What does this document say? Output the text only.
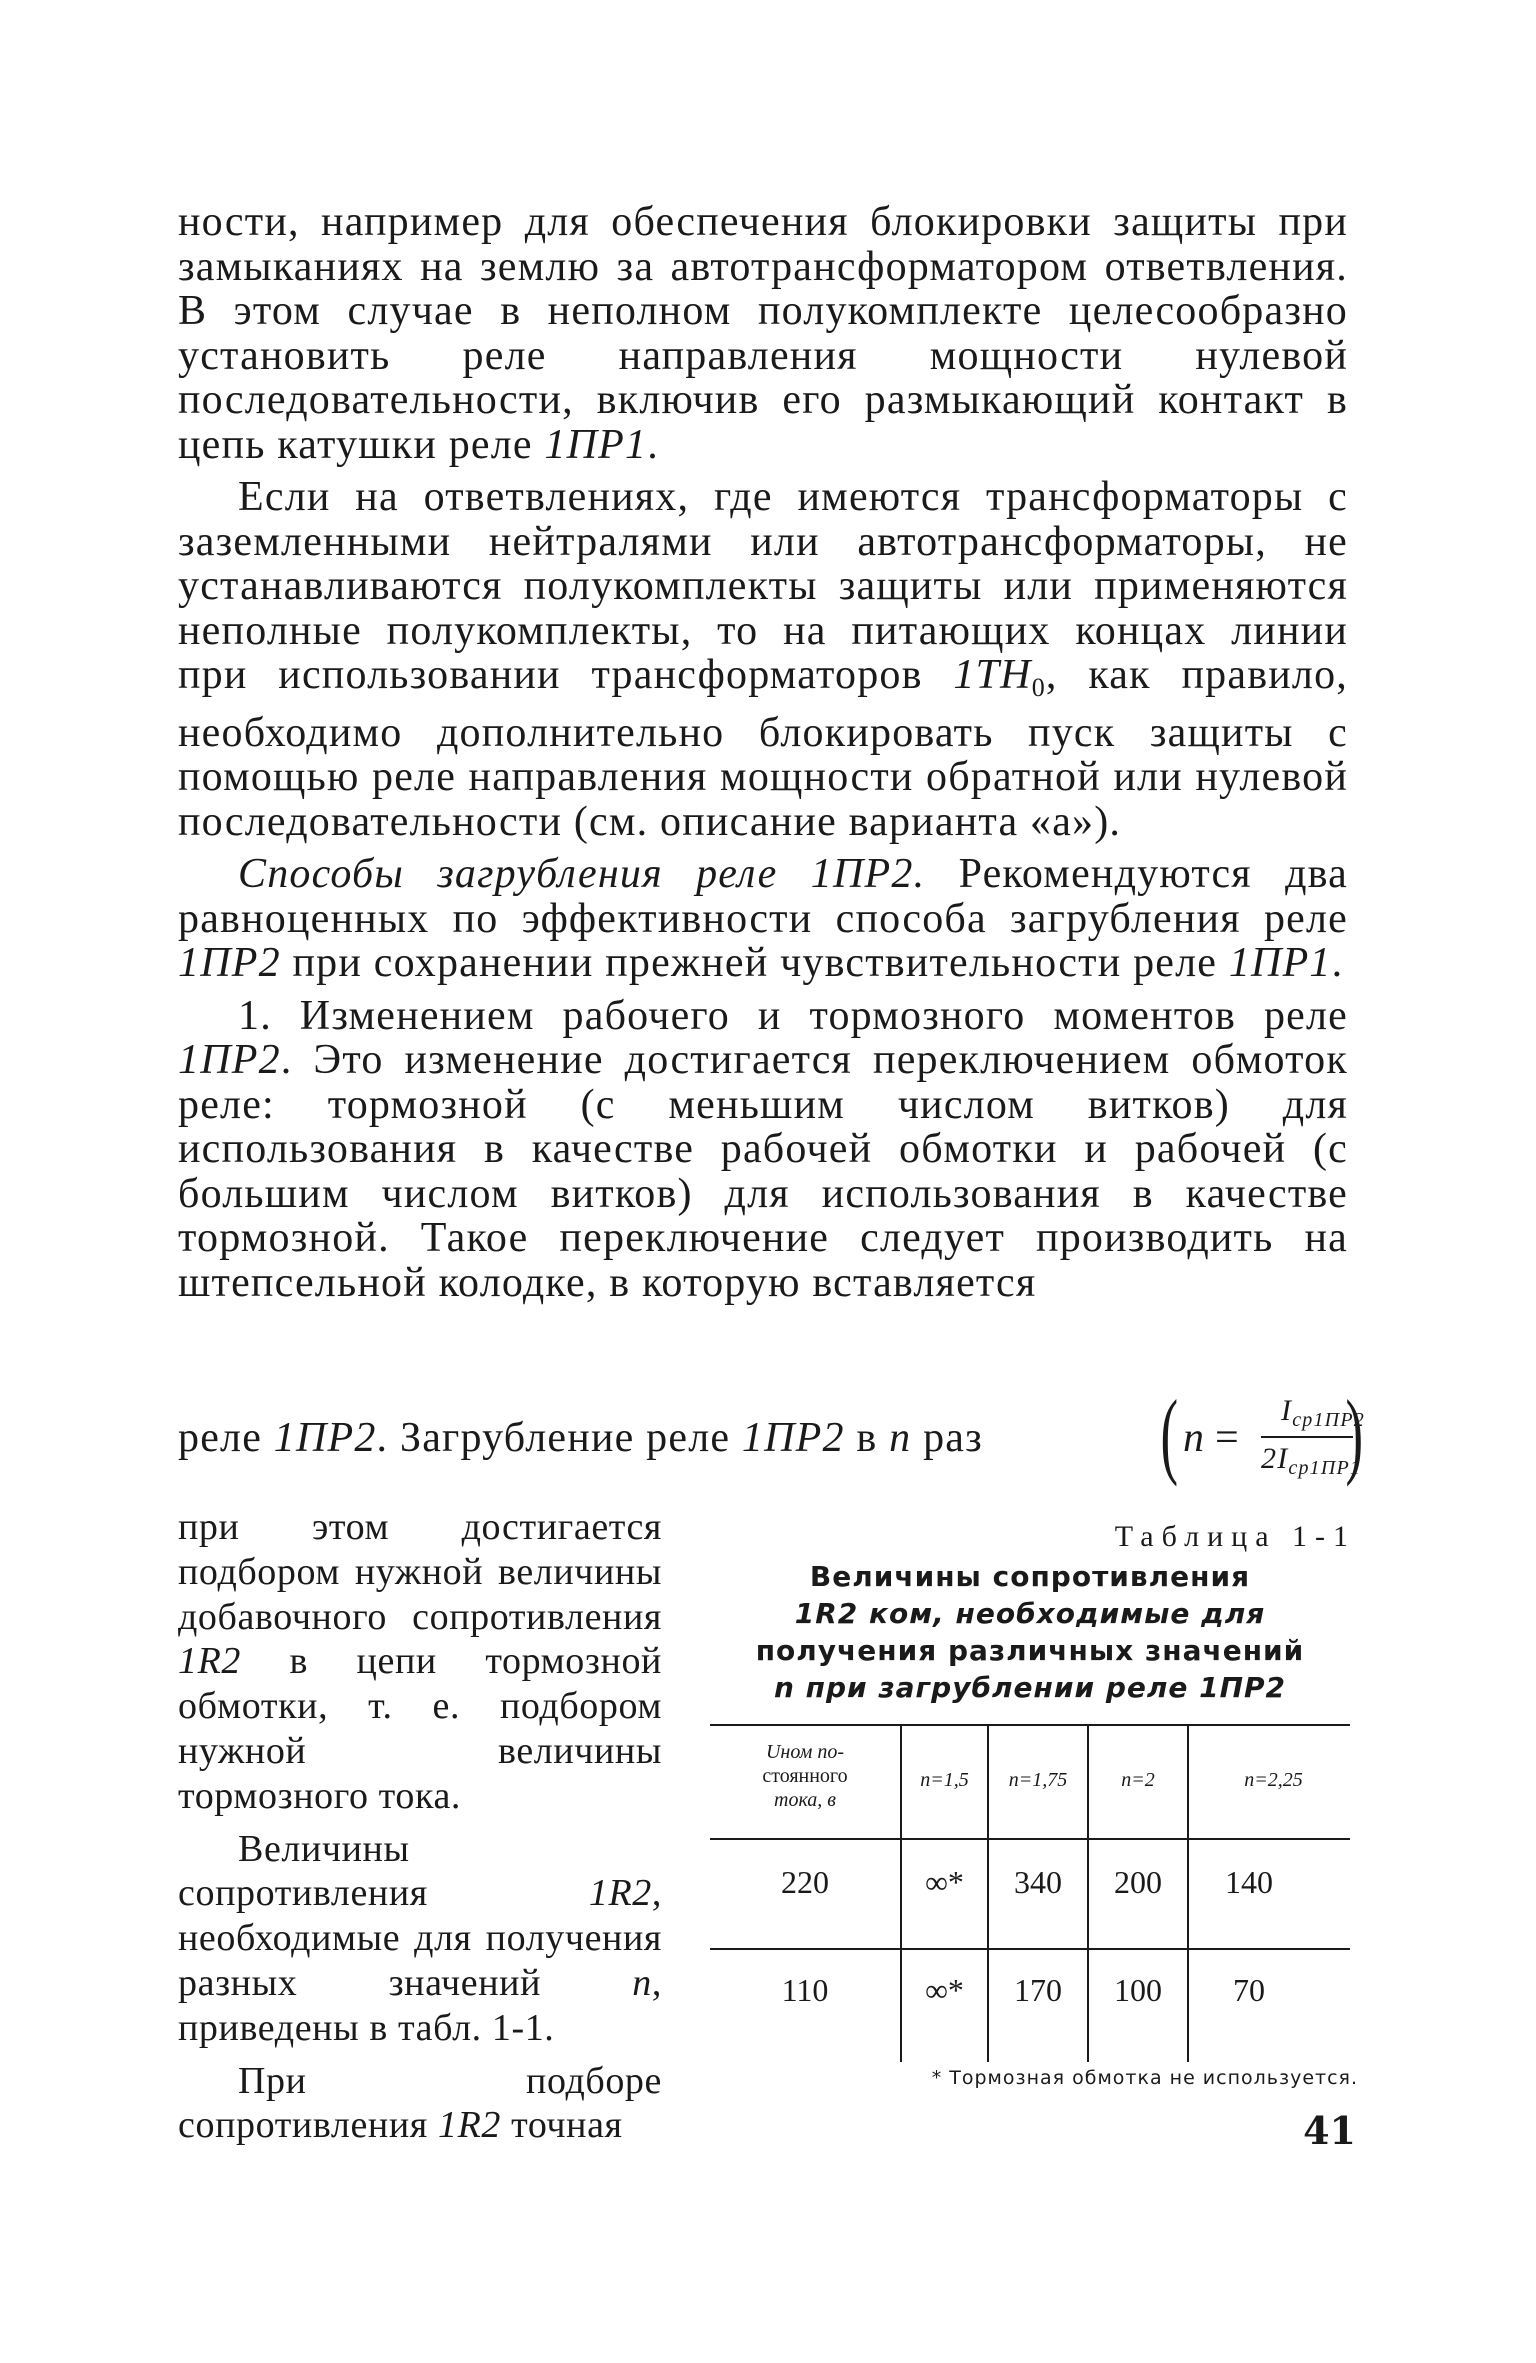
ности, например для обеспечения блокировки защиты при замыканиях на землю за автотрансформатором ответвления. В этом случае в неполном полукомплекте целесообразно установить реле направления мощности нулевой последовательности, включив его размыкающий контакт в цепь катушки реле 1ПР1.

Если на ответвлениях, где имеются трансформаторы с заземленными нейтралями или автотрансформаторы, не устанавливаются полукомплекты защиты или применяются неполные полукомплекты, то на питающих концах линии при использовании трансформаторов $1ТН_0$, как правило, необходимо дополнительно блокировать пуск защиты с помощью реле направления мощности обратной или нулевой последовательности (см. описание варианта «а»).

Способы загрубления реле 1ПР2. Рекомендуются два равноценных по эффективности способа загрубления реле 1ПР2 при сохранении прежней чувствительности реле 1ПР1.

1. Изменением рабочего и тормозного моментов реле 1ПР2. Это изменение достигается переключением обмоток реле: тормозной (с меньшим числом витков) для использования в качестве рабочей обмотки и рабочей (с большим числом витков) для использования в качестве тормозной. Такое переключение следует производить на штепсельной колодке, в которую вставляется

реле 1ПР2. Загрубление реле 1ПР2 в n раз ( n =
$I_{ср1ПР2}$
$2I_{ср1ПР1}$
)

при этом достигается подбором нужной величины добавочного сопротивления 1R2 в цепи тормозной обмотки, т. е. подбором нужной величины тормозного тока.

Величины сопротивления	1R2, необходимые для получения разных значений n, приведены в табл. 1-1.

При подборе сопротивления 1R2 точная

Таблица 1-1
Величины сопротивления
1R2 ком, необходимые для
получения различных значений
n при загрублении реле 1ПР2
Uном по-
стоянного
тока, в
n=1,5	n=1,75	n=2	n=2,25
220	∞*	340	200	140
110	∞*	170	100	70
* Тормозная обмотка не используется.
41
